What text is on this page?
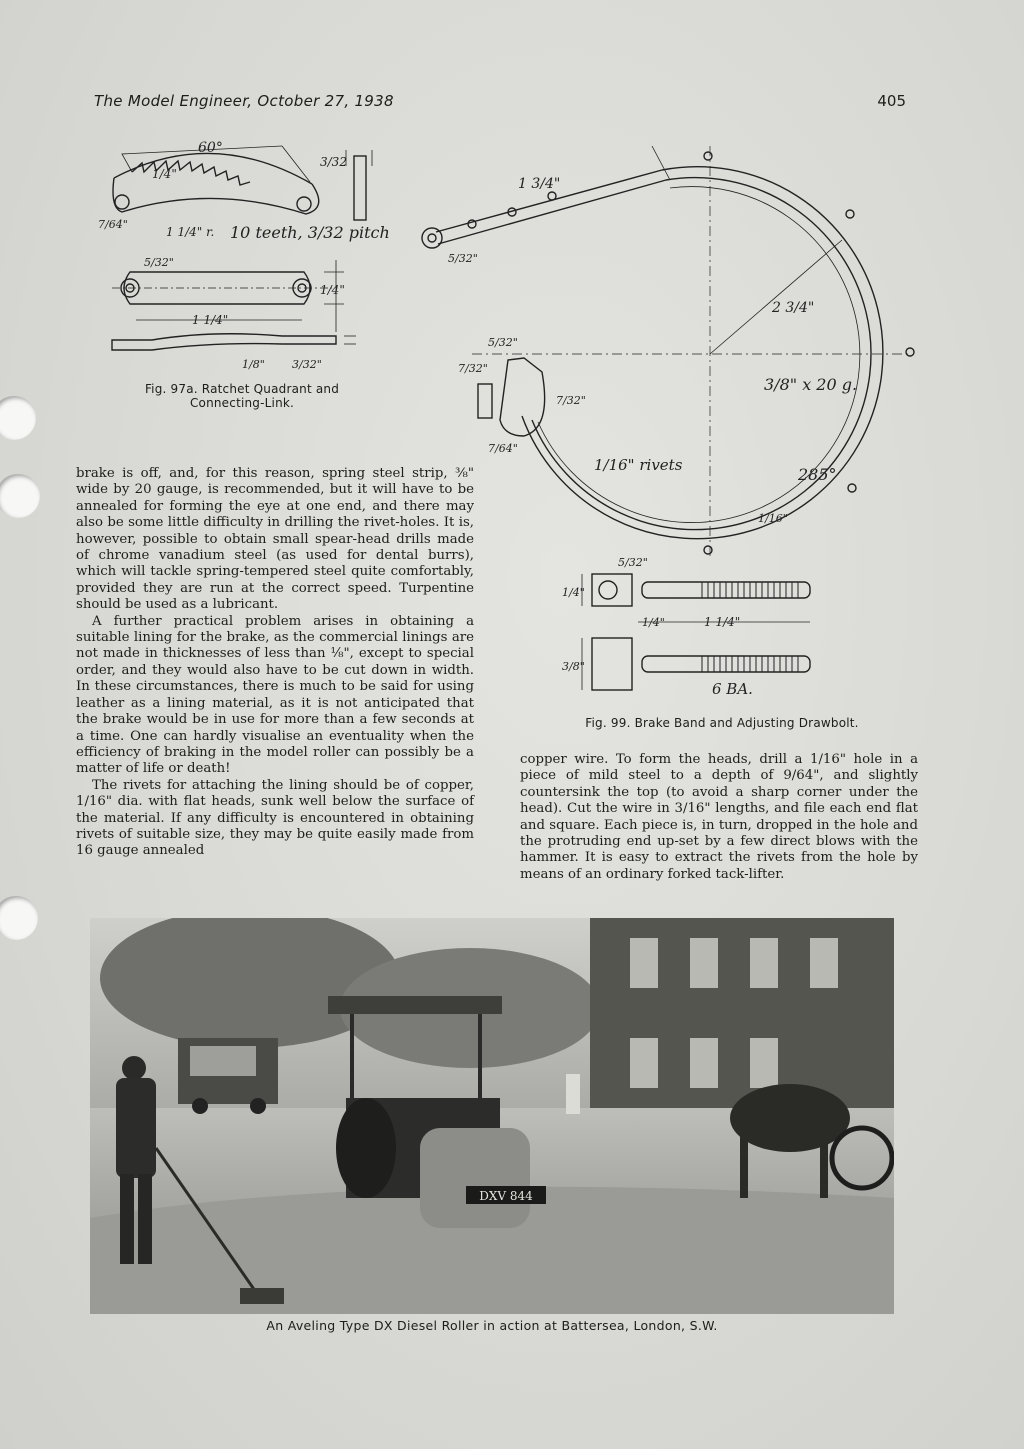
The Model Engineer, October 27, 1938	405
60°
1/4"
3/32
7/64"
1 1/4" r. 10 teeth, 3/32 pitch
5/32"
1/4"
1 1/4"
1/8" 3/32"
Fig. 97a. Ratchet Quadrant and
Connecting-Link.
1 3/4"
5/32"
2 3/4"
3/8" x 20 g.
1/16" rivets	285°
1/16"
5/32"
7/32"
7/32"
7/64"
5/32"
1/4"
1/4"	1 1/4"
3/8"
6 BA.
Fig. 99. Brake Band and Adjusting Drawbolt.

brake is off, and, for this reason, spring steel strip, ⅜" wide by 20 gauge, is recommended, but it will have to be annealed for forming the eye at one end, and there may also be some little difficulty in drilling the rivet-holes. It is, however, possible to obtain small spear-head drills made of chrome vanadium steel (as used for dental burrs), which will tackle spring-tempered steel quite comfortably, provided they are run at the correct speed. Turpentine should be used as a lubricant.

A further practical problem arises in obtaining a suitable lining for the brake, as the commercial linings are not made in thicknesses of less than ⅛", except to special order, and they would also have to be cut down in width. In these circumstances, there is much to be said for using leather as a lining material, as it is not anticipated that the brake would be in use for more than a few seconds at a time. One can hardly visualise an eventuality when the efficiency of braking in the model roller can possibly be a matter of life or death!

The rivets for attaching the lining should be of copper, 1/16" dia. with flat heads, sunk well below the surface of the material. If any difficulty is encountered in obtaining rivets of suitable size, they may be quite easily made from 16 gauge annealed

copper wire. To form the heads, drill a 1/16" hole in a piece of mild steel to a depth of 9/64", and slightly countersink the top (to avoid a sharp corner under the head). Cut the wire in 3/16" lengths, and file each end flat and square. Each piece is, in turn, dropped in the hole and the protruding end up-set by a few direct blows with the hammer. It is easy to extract the rivets from the hole by means of an ordinary forked tack-lifter.

DXV 844
An Aveling Type DX Diesel Roller in action at Battersea, London, S.W.
